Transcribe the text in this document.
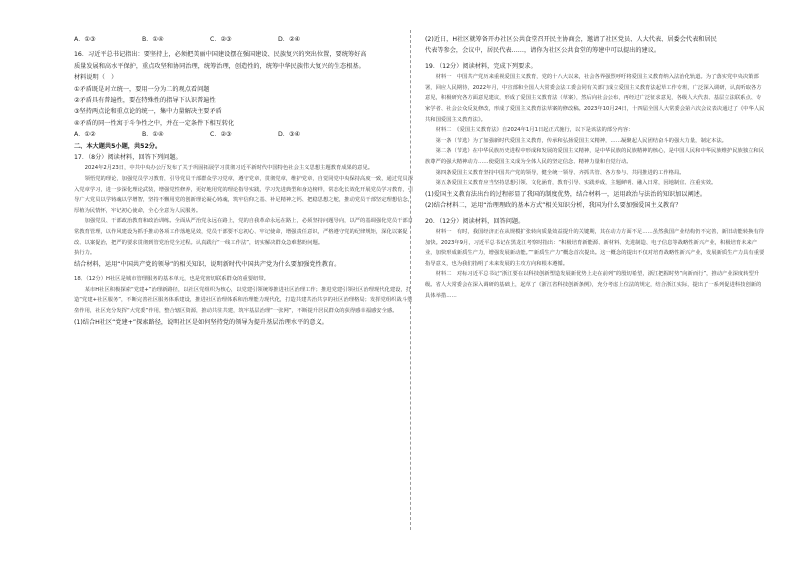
A．①③	B．①④	C．②③	D．②④

16．习近平总书记指出：要坚持上，必须把美丽中国建设摆在强国建设、民族复兴的突出位置，要统筹好高

质量发展和高水平保护，重点攻坚和协同治理，统筹治理，创造性的，统筹中华民族伟大复兴的生态根基。

材料说明（　）

①矛盾既是对立统一，要用一分为二的观点看问题

②矛盾具有普遍性，要在特殊性的指导下认识普遍性

③坚持两点论和重点论的统一，集中力量解决主要矛盾

④矛盾的同一性寓于斗争性之中，并在一定条件下相互转化

A．①②	B．①④	C．②③	D．③④

二、本大题共5小题，共52分。

17．（8分）阅读材料，回答下列问题。

2024年2月23日，中共中央办公厅发布了关于巩固拓展学习贯彻习近平新时代中国特色社会主义思想主题教育成果的意见。

领悟党的理论，加强党员学习教育，引导党员干部群众学习党章，遵守党章，贯彻党章，维护党章，自觉同党中央保持高度一致，通过党员深入党章学习，进一步深化理论武装，增强党性修养，更好地用党的理论指导实践，学习先进典型和身边榜样，常态化长效化开展党员学习教育，引导广大党员以学铸魂以学增智，坚持不懈用党的创新理论凝心铸魂，筑牢信仰之基、补足精神之钙、把稳思想之舵，推动党员干部坚定理想信念，厚植为民情怀，牢记初心使命，全心全意为人民服务。

加强党员、干部政治教育和政治训练。全面从严治党永远在路上，党的自我革命永远在路上，必须坚持问题导向，以严的基调强化党员干部日常教育管理，以作风建设为抓手推动各项工作落地见效，党员干部要不忘初心、牢记使命，增强责任意识，严格遵守党的纪律规矩，深化以案促改、以案促治，把严的要求贯彻到管党治党全过程。认真践行“一线工作法”，切实解决群众急难愁盼问题。

执行力。

结合材料，运用“中国共产党的领导”的相关知识，说明新时代中国共产党为什么要加强党性教育。

18．（12分）H社区是城市管理服务的基本单元，也是党密切联系群众的重要纽带。

某市H社区积极探索“党建+”治理新路径，以社区党组织为核心，以党建引领统筹推进社区治理工作；推进党建引领社区治理现代化建设，打造“党建+社区服务”，不断完善社区服务体系建设，推进社区治理体系和治理能力现代化，打造共建共治共享的社区治理格局；发挥党组织战斗堡垒作用，社区充分发挥“大党委”作用，整合辖区资源，推动共驻共建，筑牢基层治理“一张网”，不断提升居民群众的获得感幸福感安全感。

(1)结合H社区“党建+”探索路径，说明社区是如何坚持党的领导为提升基层治理水平的意义。

(2)近日，H社区就筹备开办社区公共食堂召开民主协商会，邀请了社区党员、人大代表、居委会代表和居民

代表等参会，会议中，居民代表……，请你为社区公共食堂的筹建中可以提出的建议。

19．（12分）阅读材料，完成下列要求。

材料一　 中国共产党历来重视爱国主义教育，党的十八大以来，社会各界强烈呼吁将爱国主义教育纳入法治化轨道。为了落实党中央决策部署，回应人民期待，2022年月，中宣部和全国人大常委会法工委会同有关部门成立爱国主义教育法起草工作专班，广泛深入调研，认真听取各方意见，积极研究各方面意见建议，形成了爱国主义教育法（草案），然后向社会公布，再经过广泛征求意见，各级人大代表、基层立法联系点、专家学者、社会公众反复修改，形成了爱国主义教育法草案的修改稿。2023年10月24日，十四届全国人大常委会第六次会议表决通过了《中华人民共和国爱国主义教育法》。

材料二　 《爱国主义教育法》自2024年1月1日起正式施行，以下是该法的部分内容：

第一条（节选）为了加强新时代爱国主义教育，传承和弘扬爱国主义精神，……凝聚起人民团结奋斗的强大力量，制定本法。

第二条（节选）在中华民族历史进程中形成和发展的爱国主义精神，是中华民族的民族精神的核心，是中国人民和中华民族维护民族独立和民族尊严的强大精神动力……使爱国主义成为全体人民的坚定信念、精神力量和自觉行动。

第四条爱国主义教育坚持中国共产党的领导，健全统一领导、齐抓共管、各方参与、共同推进的工作格局。

第五条爱国主义教育应当坚持思想引领、文化涵育，教育引导、实践养成，主题鲜明、融入日常，因地制宜、注重实效。

(1)爱国主义教育法出台的过程彰显了我国的制度优势，结合材料一，运用政治与法治的知识加以阐述。

(2)结合材料二，运用“治理理政的基本方式”相关知识分析，我国为什么要加强爱国主义教育？

20．（12分）阅读材料，回答问题。

材料一　 有时，我国经济正在从规模扩张转向质量效益提升的关键期，其在动力方面不足……虽然我国产业结构仍不完善，新旧动能转换有待加快。2023年9月，习近平总书记在黑龙江考察时指出：“积极培育新能源、新材料、先进制造、电子信息等战略性新兴产业，积极培育未来产业，加快形成新质生产力，增强发展新动能。”“新质生产力”概念首次提出。这一概念的提出不仅对培育战略性新兴产业，发展新质生产力具有重要指导意义，也为我们指明了未来发展的主攻方向和根本遵循。

材料二　 对标习近平总书记“浙江要在以科技创新塑造发展新优势上走在前列”的殷切希望，浙江把握时势“向新而行”，推动产业深度转型升级。省人大常委会在深入调研的基础上，起草了《浙江省科技创新条例》，充分考虑上位法的规定，结合浙江实际，提出了一系列促进科技创新的具体举措……
